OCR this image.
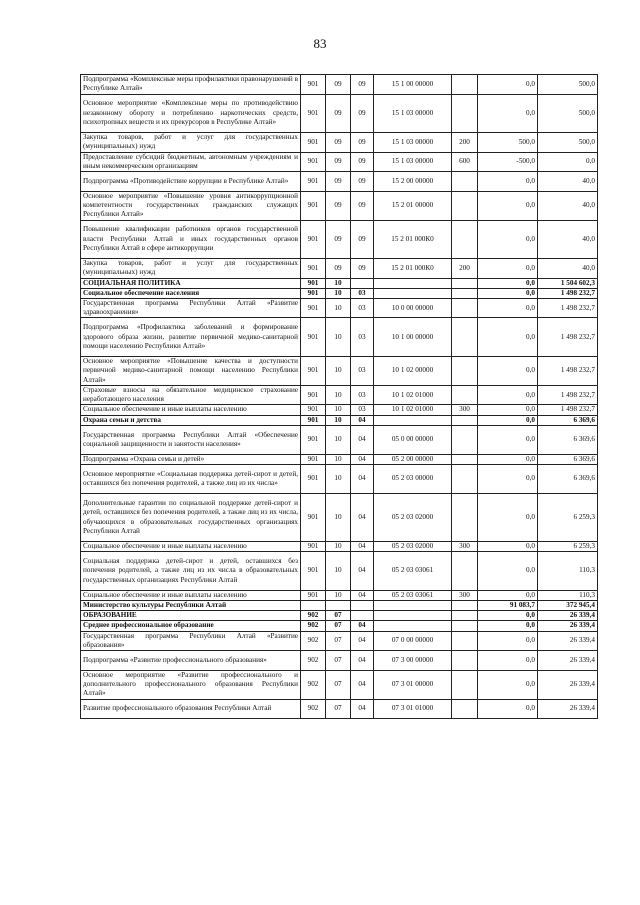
83
Подпрограмма «Комплексные меры профилактики правонарушений в Республике Алтай»	901	09	09	15 1 00 00000		0,0	500,0
Основное мероприятие «Комплексные меры по противодействию незаконному обороту и потреблению наркотических средств, психотропных веществ и их прекурсоров в Республике Алтай»	901	09	09	15 1 03 00000		0,0	500,0
Закупка товаров, работ и услуг для государственных (муниципальных) нужд	901	09	09	15 1 03 00000	200	500,0	500,0
Предоставление субсидий бюджетным, автономным учреждениям и иным некоммерческим организациям	901	09	09	15 1 03 00000	600	-500,0	0,0
Подпрограмма «Противодействие коррупции в Республике Алтай»	901	09	09	15 2 00 00000		0,0	40,0
Основное мероприятие «Повышение уровня антикоррупционной компетентности государственных гражданских служащих Республики Алтай»	901	09	09	15 2 01 00000		0,0	40,0
Повышение квалификации работников органов государственной власти Республики Алтай и иных государственных органов Республики Алтай в сфере антикоррупции	901	09	09	15 2 01 000К0		0,0	40,0
Закупка товаров, работ и услуг для государственных (муниципальных) нужд	901	09	09	15 2 01 000К0	200	0,0	40,0
СОЦИАЛЬНАЯ ПОЛИТИКА	901	10				0,0	1 504 602,3
Социальное обеспечение населения	901	10	03			0,0	1 498 232,7
Государственная программа Республики Алтай «Развитие здравоохранения»	901	10	03	10 0 00 00000		0,0	1 498 232,7
Подпрограмма «Профилактика заболеваний и формирование здорового образа жизни, развитие первичной медико-санитарной помощи населению Республики Алтай»	901	10	03	10 1 00 00000		0,0	1 498 232,7
Основное мероприятие «Повышение качества и доступности первичной медико-санитарной помощи населению Республики Алтай»	901	10	03	10 1 02 00000		0,0	1 498 232,7
Страховые взносы на обязательное медицинское страхование неработающего населения	901	10	03	10 1 02 01000		0,0	1 498 232,7
Социальное обеспечение и иные выплаты населению	901	10	03	10 1 02 01000	300	0,0	1 498 232,7
Охрана семьи и детства	901	10	04			0,0	6 369,6
Государственная программа Республики Алтай «Обеспечение социальной защищенности и занятости населения»	901	10	04	05 0 00 00000		0,0	6 369,6
Подпрограмма «Охрана семьи и детей»	901	10	04	05 2 00 00000		0,0	6 369,6
Основное мероприятие «Социальная поддержка детей-сирот и детей, оставшихся без попечения родителей, а также лиц из их числа»	901	10	04	05 2 03 00000		0,0	6 369,6
Дополнительные гарантии по социальной поддержке детей-сирот и детей, оставшихся без попечения родителей, а также лиц из их числа, обучающихся в образовательных государственных организациях Республики Алтай	901	10	04	05 2 03 02000		0,0	6 259,3
Социальное обеспечение и иные выплаты населению	901	10	04	05 2 03 02000	300	0,0	6 259,3
Социальная поддержка детей-сирот и детей, оставшихся без попечения родителей, а также лиц из их числа в образовательных государственных организациях Республики Алтай	901	10	04	05 2 03 03061		0,0	110,3
Социальное обеспечение и иные выплаты населению	901	10	04	05 2 03 03061	300	0,0	110,3
Министерство культуры Республики Алтай						91 083,7	372 945,4
ОБРАЗОВАНИЕ	902	07				0,0	26 339,4
Среднее профессиональное образование	902	07	04			0,0	26 339,4
Государственная программа Республики Алтай «Развитие образования»	902	07	04	07 0 00 00000		0,0	26 339,4
Подпрограмма «Развитие профессионального образования»	902	07	04	07 3 00 00000		0,0	26 339,4
Основное мероприятие «Развитие профессионального и дополнительного профессионального образования Республики Алтай»	902	07	04	07 3 01 00000		0,0	26 339,4
Развитие профессионального образования Республики Алтай	902	07	04	07 3 01 01000		0,0	26 339,4
